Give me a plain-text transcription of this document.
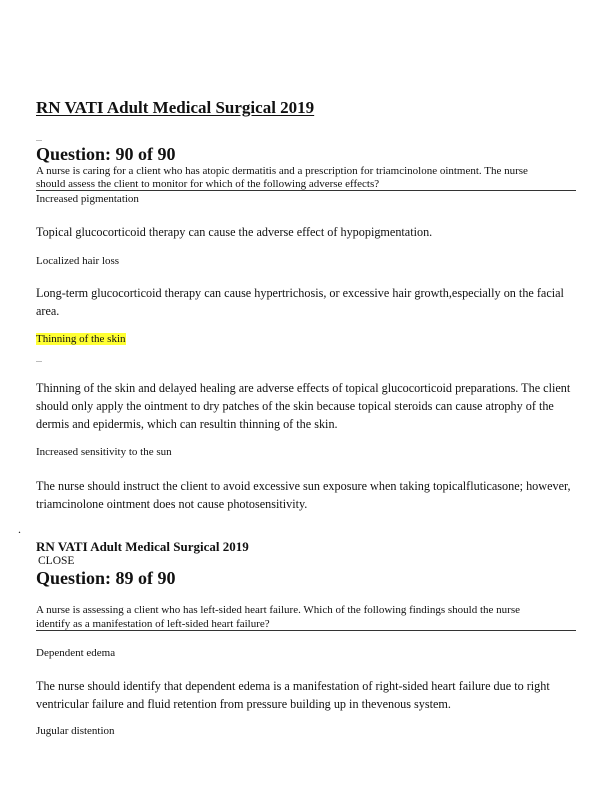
RN VATI Adult Medical Surgical 2019
Question: 90 of 90
A nurse is caring for a client who has atopic dermatitis and a prescription for triamcinolone ointment. The nurse
should assess the client to monitor for which of the following adverse effects?
Increased pigmentation
Topical glucocorticoid therapy can cause the adverse effect of hypopigmentation.
Localized hair loss
Long-term glucocorticoid therapy can cause hypertrichosis, or excessive hair growth,especially on the facial area.
Thinning of the skin
Thinning of the skin and delayed healing are adverse effects of topical glucocorticoid preparations. The client should only apply the ointment to dry patches of the skin because topical steroids can cause atrophy of the dermis and epidermis, which can resultin thinning of the skin.
Increased sensitivity to the sun
The nurse should instruct the client to avoid excessive sun exposure when taking topicalfluticasone; however, triamcinolone ointment does not cause photosensitivity.
.
RN VATI Adult Medical Surgical 2019
CLOSE
Question: 89 of 90
A nurse is assessing a client who has left-sided heart failure. Which of the following findings should the nurse
identify as a manifestation of left-sided heart failure?
Dependent edema
The nurse should identify that dependent edema is a manifestation of right-sided heart failure due to right ventricular failure and fluid retention from pressure building up in thevenous system.
Jugular distention
